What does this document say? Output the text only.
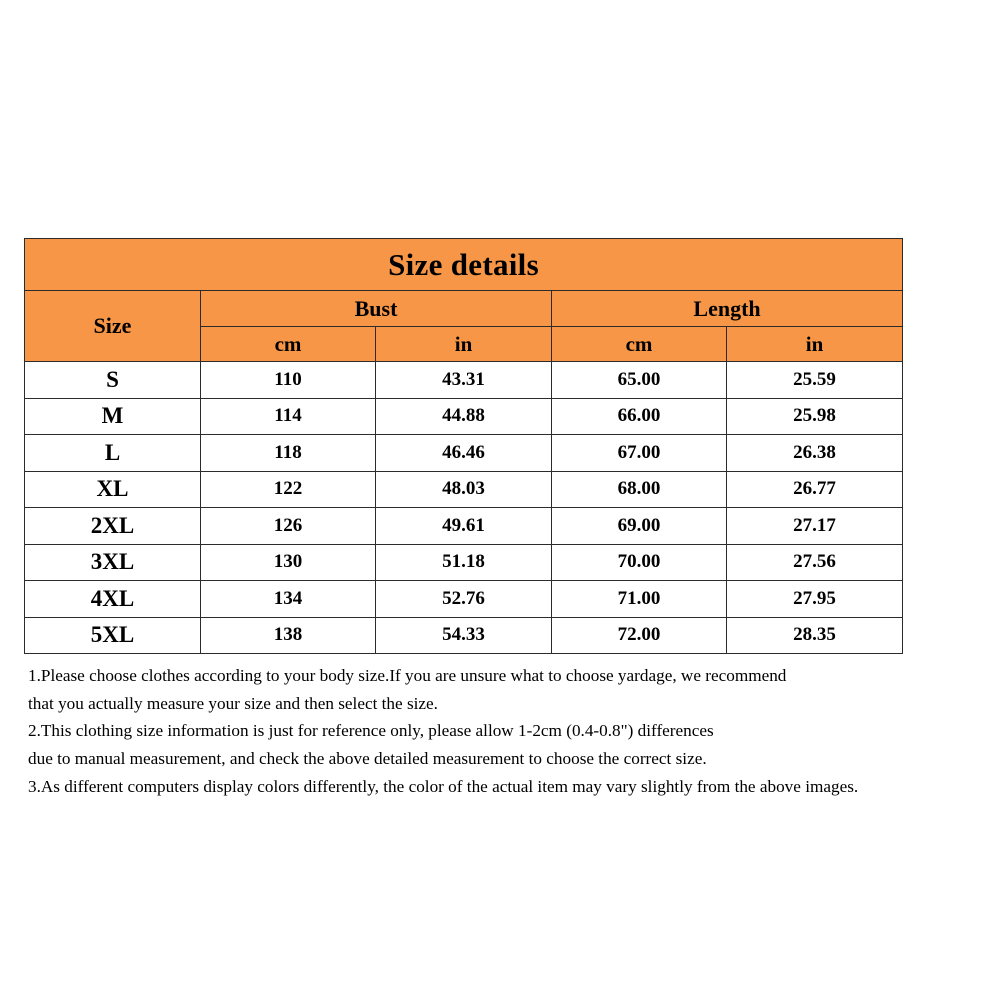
Size details				
Size	Bust		Length	
	cm	in	cm	in
S	110	43.31	65.00	25.59
M	114	44.88	66.00	25.98
L	118	46.46	67.00	26.38
XL	122	48.03	68.00	26.77
2XL	126	49.61	69.00	27.17
3XL	130	51.18	70.00	27.56
4XL	134	52.76	71.00	27.95
5XL	138	54.33	72.00	28.35
1.Please choose clothes according to your body size.If you are unsure what to choose yardage, we recommend
that you actually measure your size and then select the size.
2.This clothing size information is just for reference only, please allow 1-2cm (0.4-0.8") differences
due to manual measurement, and check the above detailed measurement to choose the correct size.
3.As different computers display colors differently, the color of the actual item may vary slightly from the above images.
